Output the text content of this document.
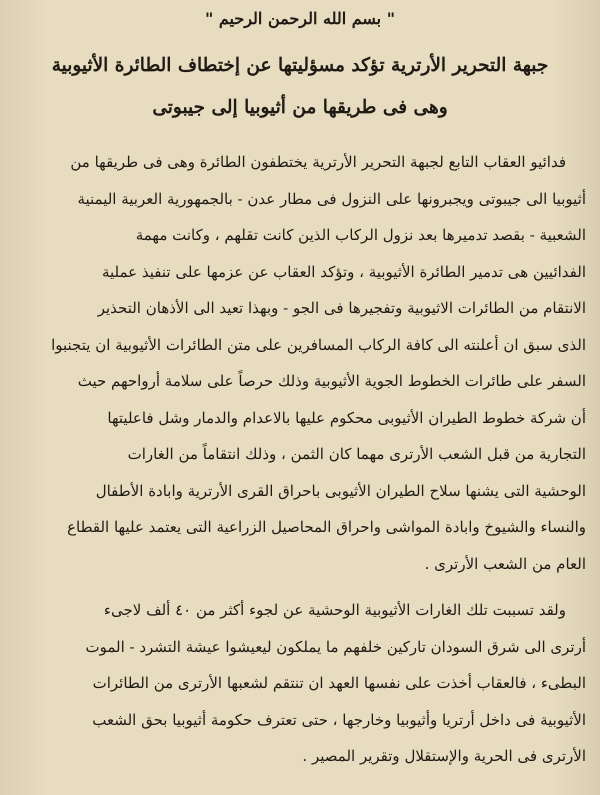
" بسم الله الرحمن الرحيم "

جبهة التحرير الأرترية تؤكد مسؤليتها عن إختطاف الطائرة الأثيوبية

وهى فى طريقها من أثيوبيا إلى جيبوتى

فدائيو العقاب التابع لجبهة التحرير الأرترية يختطفون الطائرة وهى فى طريقها من
أثيوبيا الى جيبوتى ويجبرونها على النزول فى مطار عدن - بالجمهورية العربية اليمنية
الشعبية - بقصد تدميرها بعد نزول الركاب الذين كانت تقلهم ، وكانت مهمة
الفدائيين هى تدمير الطائرة الأثيوبية ، وتؤكد العقاب عن عزمها على تنفيذ عملية
الانتقام من الطائرات الاثيوبية وتفجيرها فى الجو - وبهذا تعيد الى الأذهان التحذير
الذى سبق ان أعلنته الى كافة الركاب المسافرين على متن الطائرات الأثيوبية ان يتجنبوا
السفر على طائرات الخطوط الجوية الأثيوبية وذلك حرصاً على سلامة أرواحهم حيث
أن شركة خطوط الطيران الأثيوبى محكوم عليها بالاعدام والدمار وشل فاعليتها
التجارية من قبل الشعب الأرترى مهما كان الثمن ، وذلك انتقاماً من الغارات
الوحشية التى يشنها سلاح الطيران الأثيوبى باحراق القرى الأرترية وابادة الأطفال
والنساء والشيوخ وابادة المواشى واحراق المحاصيل الزراعية التى يعتمد عليها القطاع
العام من الشعب الأرترى .
ولقد تسببت تلك الغارات الأثيوبية الوحشية عن لجوء أكثر من ٤٠ ألف لاجىء
أرترى الى شرق السودان تاركين خلفهم ما يملكون ليعيشوا عيشة التشرد - الموت
البطىء ، فالعقاب أخذت على نفسها العهد ان تنتقم لشعبها الأرترى من الطائرات
الأثيوبية فى داخل أرتريا وأثيوبيا وخارجها ، حتى تعترف حكومة أثيوبيا بحق الشعب
الأرترى فى الحرية والإستقلال وتقرير المصير .
